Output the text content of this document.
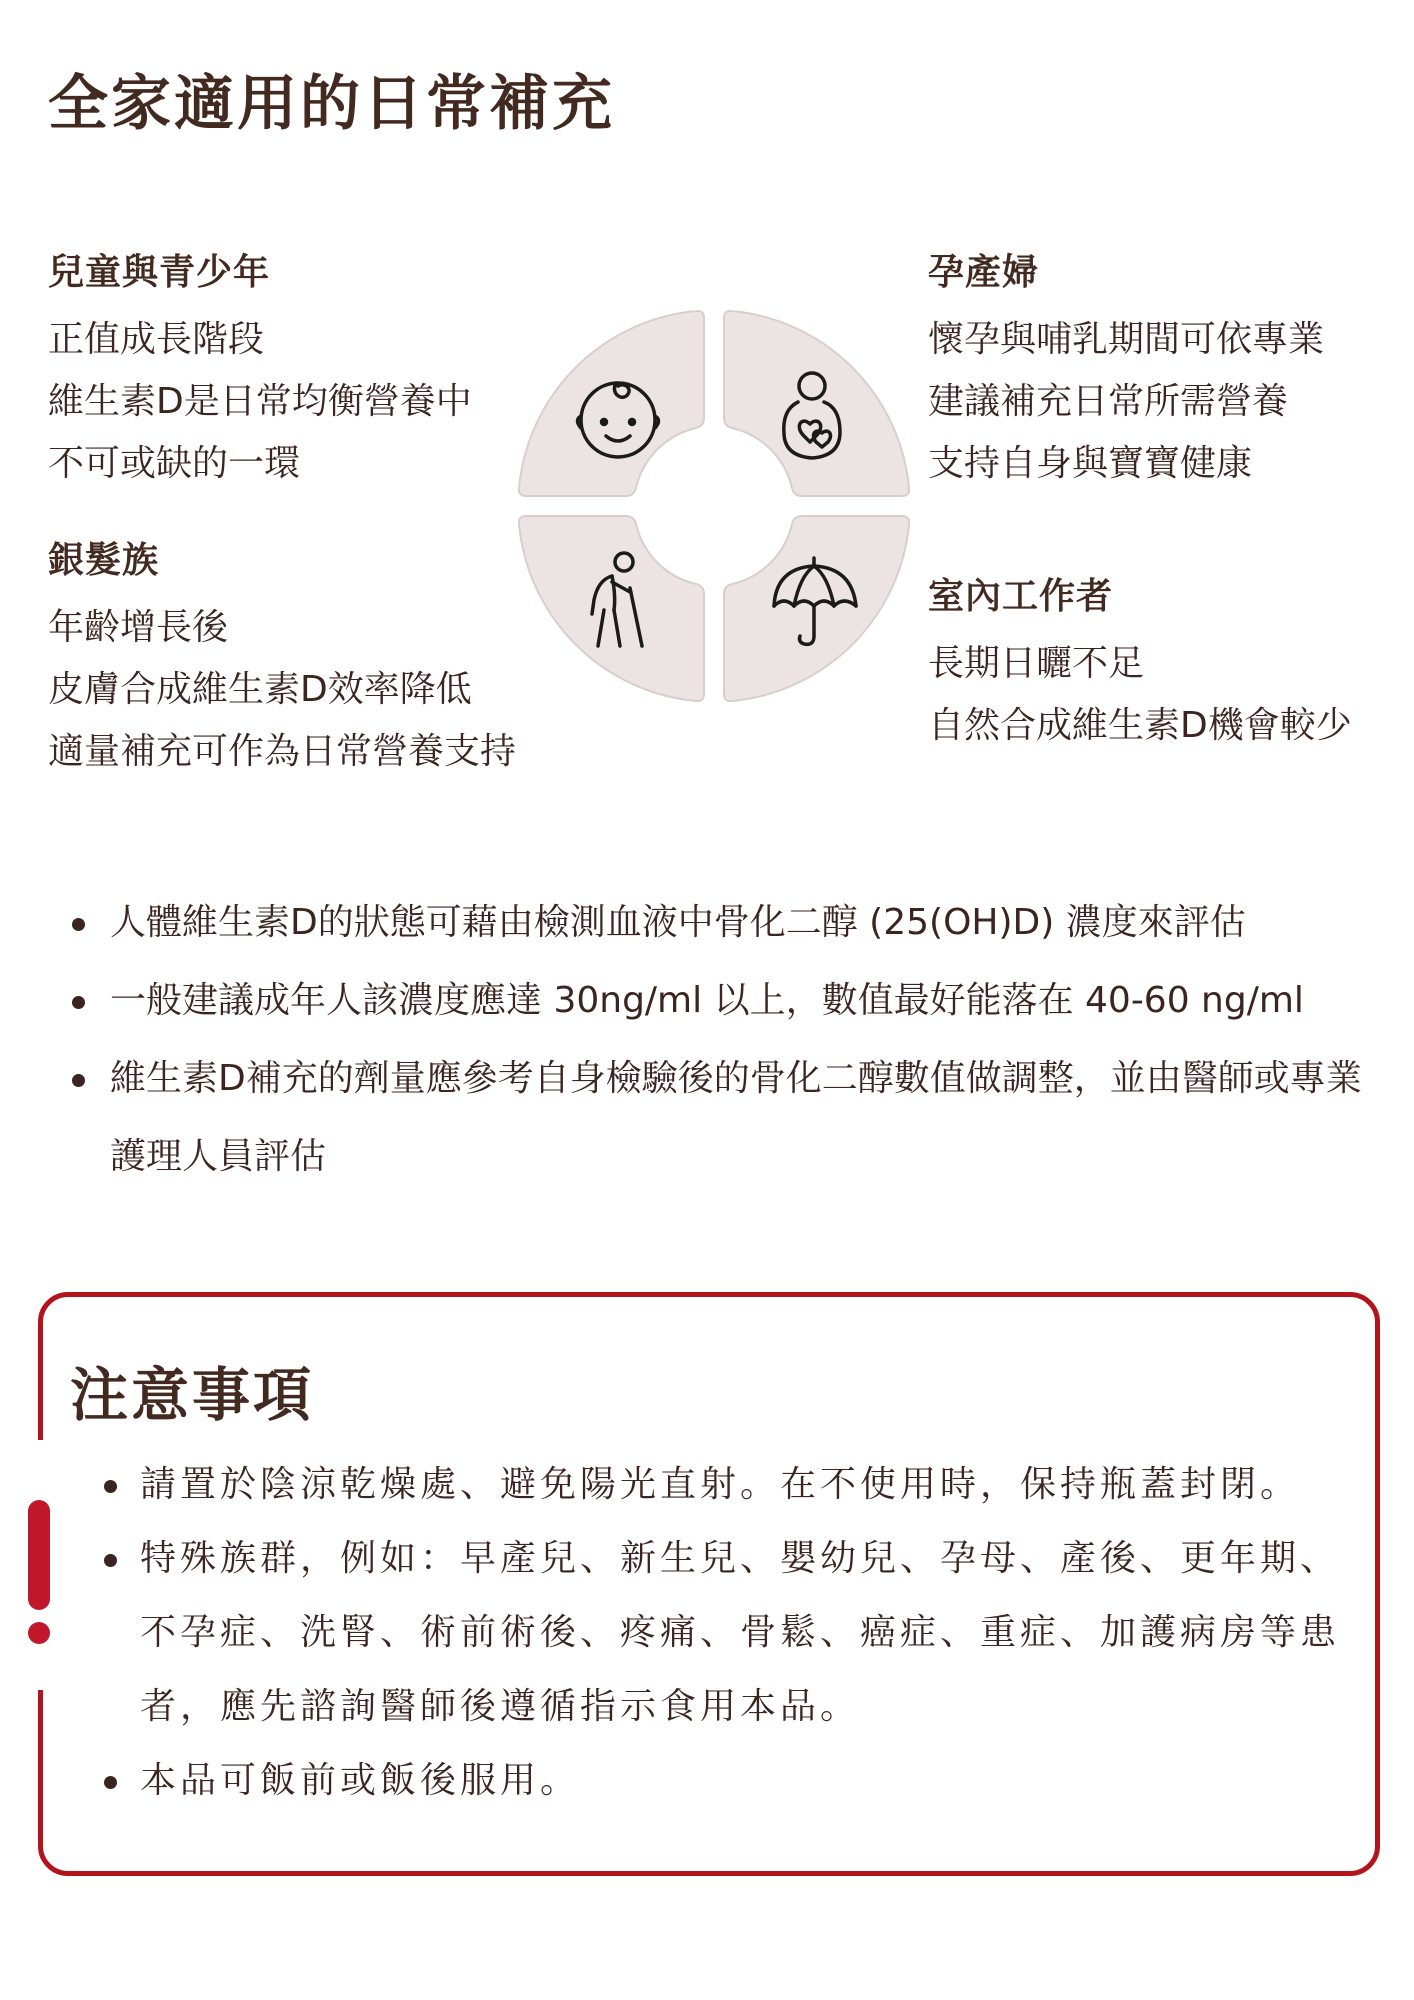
全家適用的日常補充
兒童與青少年
正值成長階段
維生素D是日常均衡營養中
不可或缺的一環
孕產婦
懷孕與哺乳期間可依專業
建議補充日常所需營養
支持自身與寶寶健康
銀髮族
年齡增長後
皮膚合成維生素D效率降低
適量補充可作為日常營養支持
室內工作者
長期日曬不足
自然合成維生素D機會較少
人體維生素D的狀態可藉由檢測血液中骨化二醇 (25(OH)D) 濃度來評估
一般建議成年人該濃度應達 30ng/ml 以上，數值最好能落在 40-60 ng/ml
維生素D補充的劑量應參考自身檢驗後的骨化二醇數值做調整，並由醫師或專業護理人員評估
注意事項
請置於陰涼乾燥處、避免陽光直射。在不使用時，保持瓶蓋封閉。
特殊族群，例如：早產兒、新生兒、嬰幼兒、孕母、產後、更年期、不孕症、洗腎、術前術後、疼痛、骨鬆、癌症、重症、加護病房等患者，應先諮詢醫師後遵循指示食用本品。
本品可飯前或飯後服用。
